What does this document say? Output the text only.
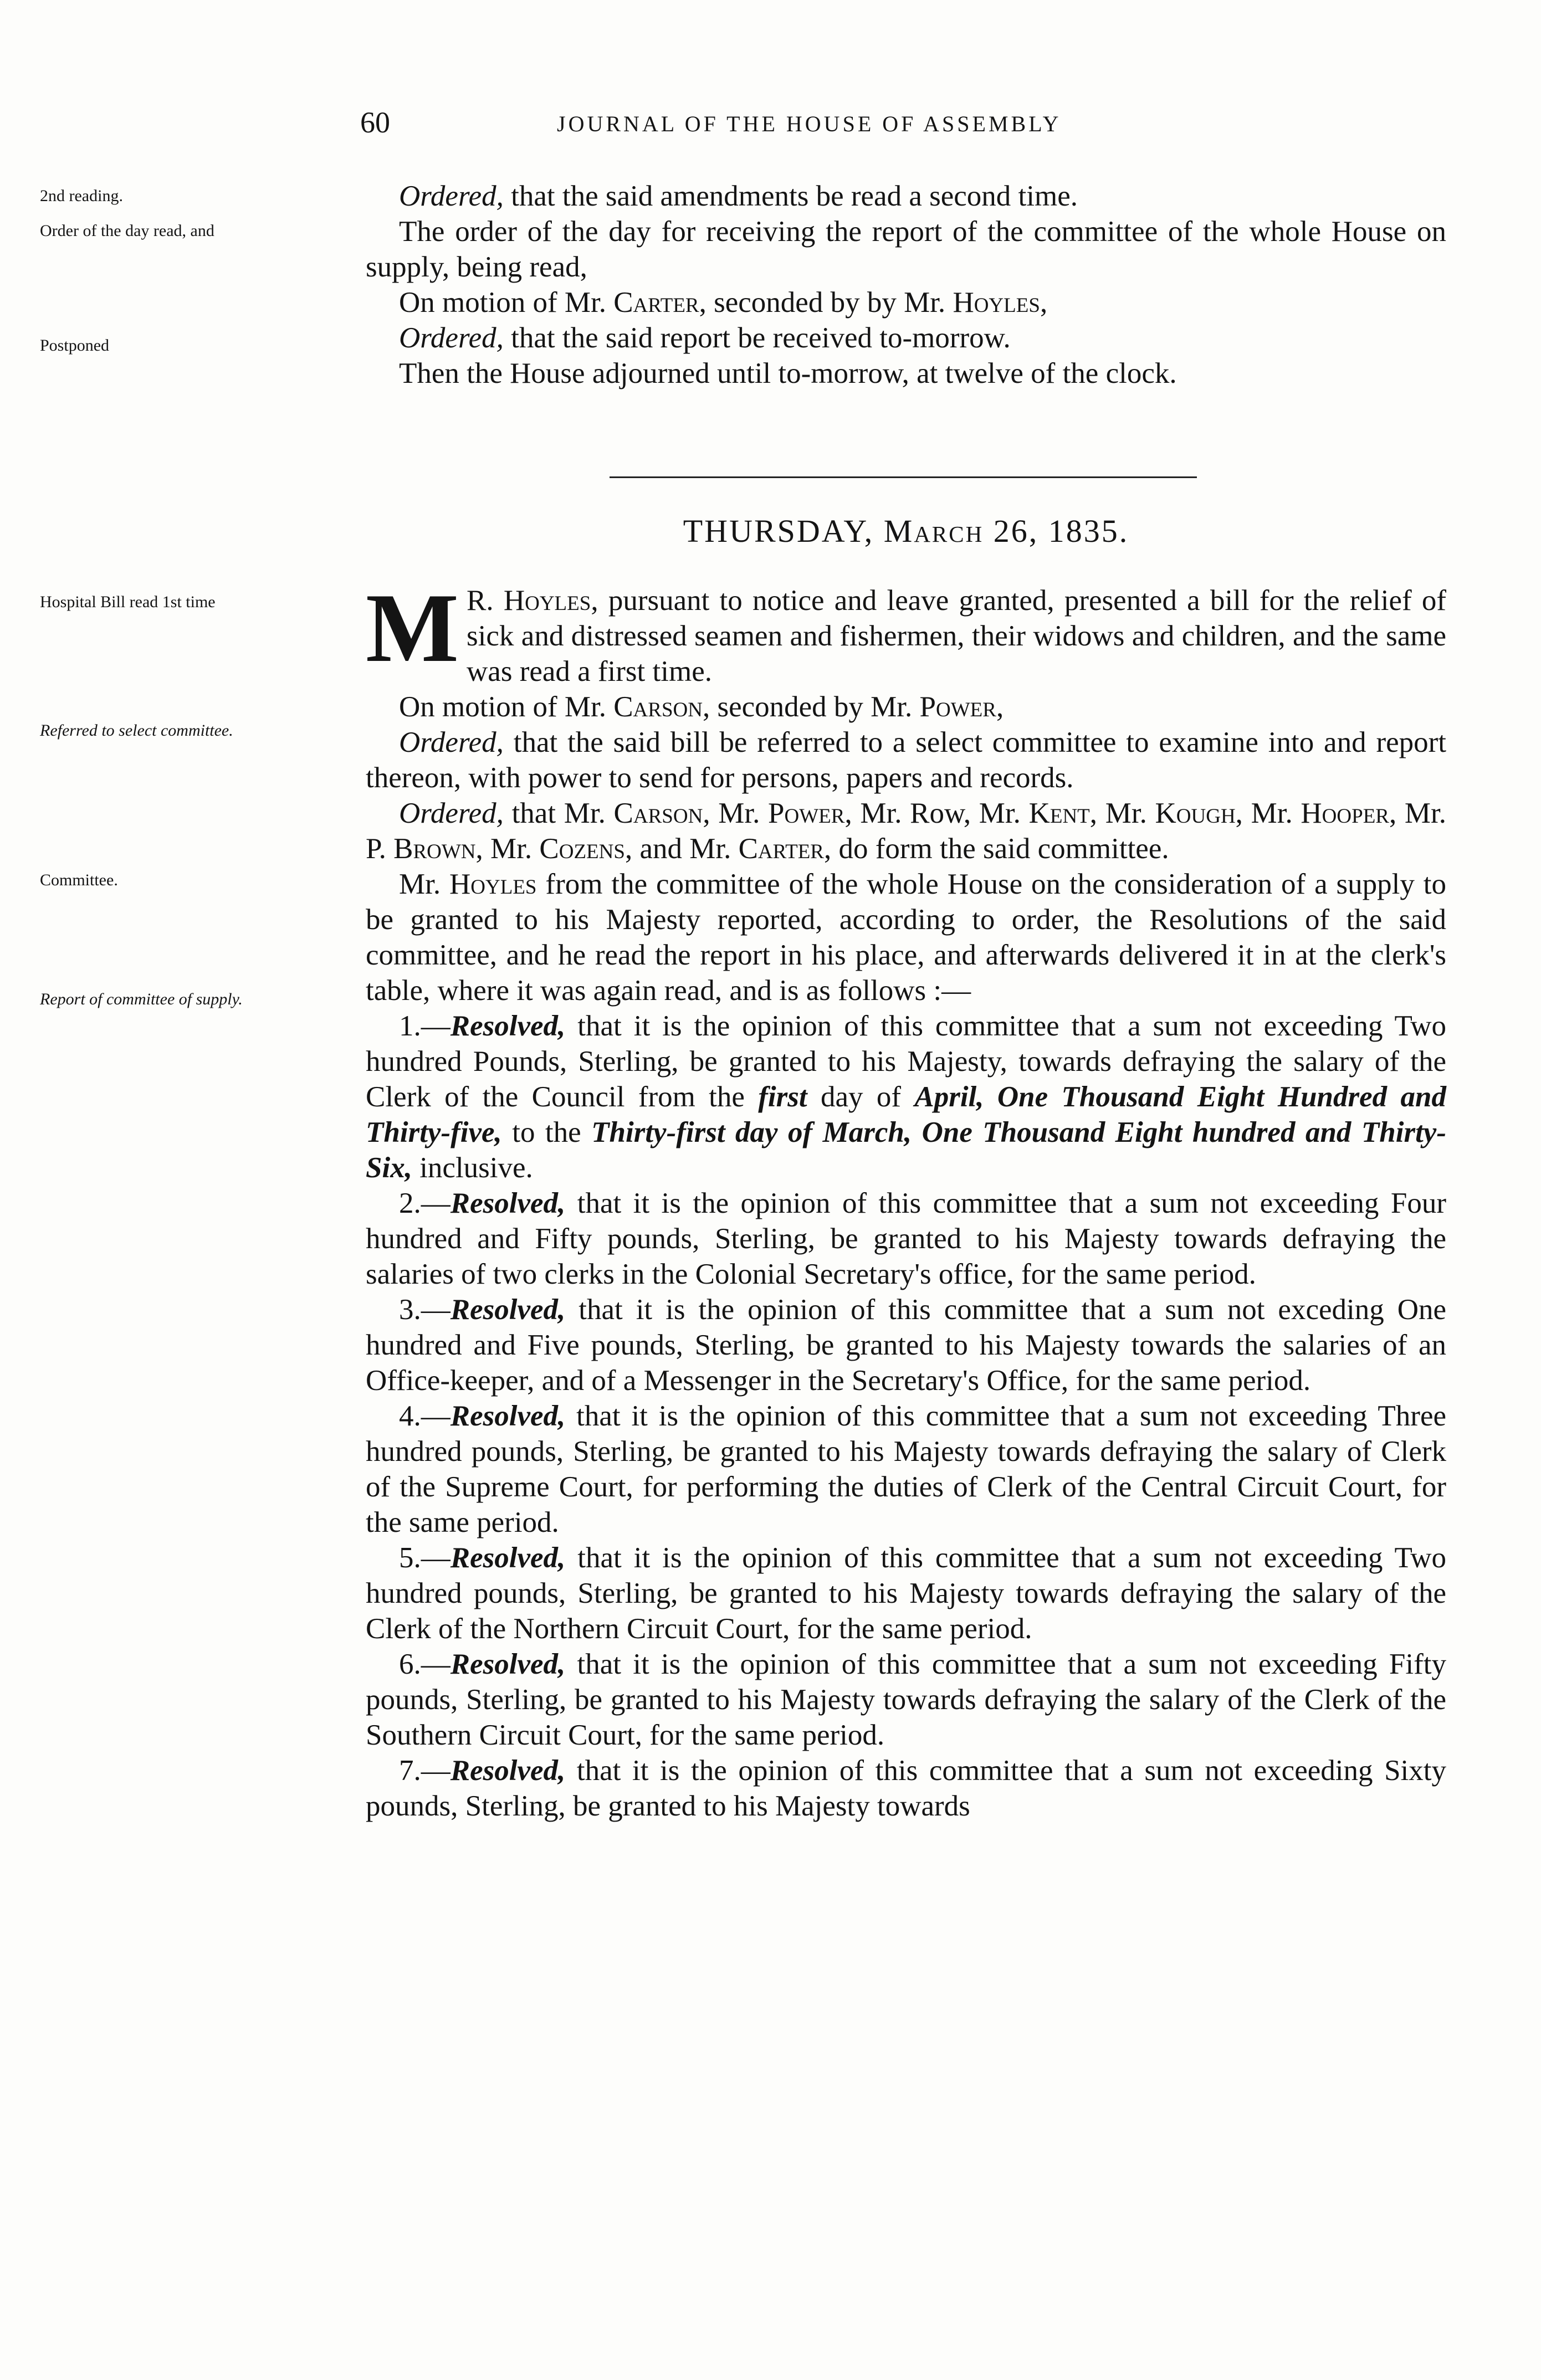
60	JOURNAL OF THE HOUSE OF ASSEMBLY
2nd reading.
Order of the day read, and
Postponed
Hospital Bill read 1st time
Referred to select committee.
Committee.
Report of committee of supply.

Ordered, that the said amendments be read a second time.

The order of the day for receiving the report of the committee of the whole House on supply, being read,

On motion of Mr. Carter, seconded by by Mr. Hoyles,

Ordered, that the said report be received to-morrow.

Then the House adjourned until to-morrow, at twelve of the clock.

THURSDAY, March 26, 1835.

M R. Hoyles, pursuant to notice and leave granted, presented a bill for the relief of sick and distressed seamen and fishermen, their widows and children, and the same was read a first time.

On motion of Mr. Carson, seconded by Mr. Power,

Ordered, that the said bill be referred to a select committee to examine into and report thereon, with power to send for persons, papers and records.

Ordered, that Mr. Carson, Mr. Power, Mr. Row, Mr. Kent, Mr. Kough, Mr. Hooper, Mr. P. Brown, Mr. Cozens, and Mr. Carter, do form the said committee.

Mr. Hoyles from the committee of the whole House on the consideration of a supply to be granted to his Majesty reported, according to order, the Resolutions of the said committee, and he read the report in his place, and afterwards delivered it in at the clerk's table, where it was again read, and is as follows :—

1.—Resolved, that it is the opinion of this committee that a sum not exceeding Two hundred Pounds, Sterling, be granted to his Majesty, towards defraying the salary of the Clerk of the Council from the first day of April, One Thousand Eight Hundred and Thirty-five, to the Thirty-first day of March, One Thousand Eight hundred and Thirty-Six, inclusive.

2.—Resolved, that it is the opinion of this committee that a sum not exceeding Four hundred and Fifty pounds, Sterling, be granted to his Majesty towards defraying the salaries of two clerks in the Colonial Secretary's office, for the same period.

3.—Resolved, that it is the opinion of this committee that a sum not exceding One hundred and Five pounds, Sterling, be granted to his Majesty towards the salaries of an Office-keeper, and of a Messenger in the Secretary's Office, for the same period.

4.—Resolved, that it is the opinion of this committee that a sum not exceeding Three hundred pounds, Sterling, be granted to his Majesty towards defraying the salary of Clerk of the Supreme Court, for performing the duties of Clerk of the Central Circuit Court, for the same period.

5.—Resolved, that it is the opinion of this committee that a sum not exceeding Two hundred pounds, Sterling, be granted to his Majesty towards defraying the salary of the Clerk of the Northern Circuit Court, for the same period.

6.—Resolved, that it is the opinion of this committee that a sum not exceeding Fifty pounds, Sterling, be granted to his Majesty towards defraying the salary of the Clerk of the Southern Circuit Court, for the same period.

7.—Resolved, that it is the opinion of this committee that a sum not exceeding Sixty pounds, Sterling, be granted to his Majesty towards
